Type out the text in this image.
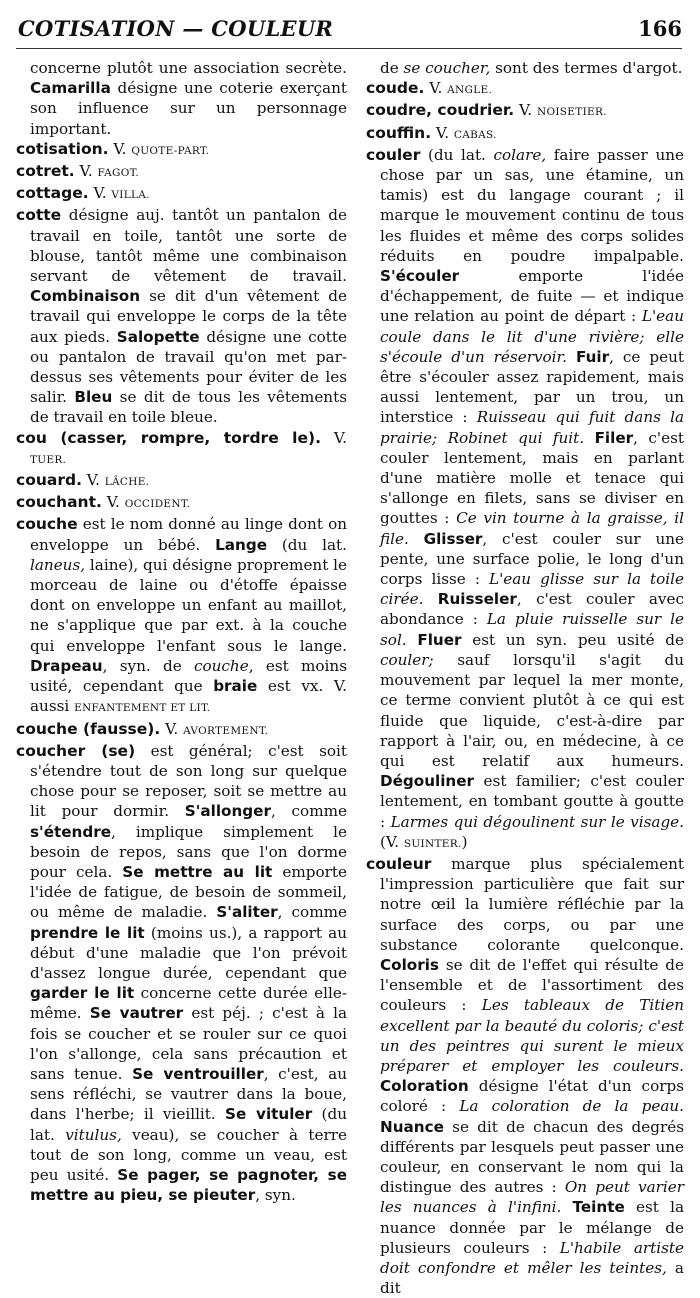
COTISATION — COULEUR	166

concerne plutôt une association secrète. Camarilla désigne une coterie exerçant son influence sur un personnage important.

cotisation. V. QUOTE-PART.

cotret. V. FAGOT.

cottage. V. VILLA.

cotte désigne auj. tantôt un pantalon de travail en toile, tantôt une sorte de blouse, tantôt même une combinaison servant de vêtement de travail. Combinaison se dit d'un vêtement de travail qui enveloppe le corps de la tête aux pieds. Salopette désigne une cotte ou pantalon de travail qu'on met par-dessus ses vêtements pour éviter de les salir. Bleu se dit de tous les vêtements de travail en toile bleue.

cou (casser, rompre, tordre le). V. TUER.

couard. V. LÂCHE.

couchant. V. OCCIDENT.

couche est le nom donné au linge dont on enveloppe un bébé. Lange (du lat. laneus, laine), qui désigne proprement le morceau de laine ou d'étoffe épaisse dont on enveloppe un enfant au maillot, ne s'applique que par ext. à la couche qui enveloppe l'enfant sous le lange. Drapeau, syn. de couche, est moins usité, cependant que braie est vx. V. aussi ENFANTEMENT ET LIT.

couche (fausse). V. AVORTEMENT.

coucher (se) est général; c'est soit s'étendre tout de son long sur quelque chose pour se reposer, soit se mettre au lit pour dormir. S'allonger, comme s'étendre, implique simplement le besoin de repos, sans que l'on dorme pour cela. Se mettre au lit emporte l'idée de fatigue, de besoin de sommeil, ou même de maladie. S'aliter, comme prendre le lit (moins us.), a rapport au début d'une maladie que l'on prévoit d'assez longue durée, cependant que garder le lit concerne cette durée elle-même. Se vautrer est péj. ; c'est à la fois se coucher et se rouler sur ce quoi l'on s'allonge, cela sans précaution et sans tenue. Se ventrouiller, c'est, au sens réfléchi, se vautrer dans la boue, dans l'herbe; il vieillit. Se vituler (du lat. vitulus, veau), se coucher à terre tout de son long, comme un veau, est peu usité. Se pager, se pagnoter, se mettre au pieu, se pieuter, syn.

de se coucher, sont des termes d'argot.

coude. V. ANGLE.

coudre, coudrier. V. NOISETIER.

couffin. V. CABAS.

couler (du lat. colare, faire passer une chose par un sas, une étamine, un tamis) est du langage courant ; il marque le mouvement continu de tous les fluides et même des corps solides réduits en poudre impalpable. S'écouler emporte l'idée d'échappement, de fuite — et indique une relation au point de départ : L'eau coule dans le lit d'une rivière; elle s'écoule d'un réservoir. Fuir, ce peut être s'écouler assez rapidement, mais aussi lentement, par un trou, un interstice : Ruisseau qui fuit dans la prairie; Robinet qui fuit. Filer, c'est couler lentement, mais en parlant d'une matière molle et tenace qui s'allonge en filets, sans se diviser en gouttes : Ce vin tourne à la graisse, il file. Glisser, c'est couler sur une pente, une surface polie, le long d'un corps lisse : L'eau glisse sur la toile cirée. Ruisseler, c'est couler avec abondance : La pluie ruisselle sur le sol. Fluer est un syn. peu usité de couler; sauf lorsqu'il s'agit du mouvement par lequel la mer monte, ce terme convient plutôt à ce qui est fluide que liquide, c'est-à-dire par rapport à l'air, ou, en médecine, à ce qui est relatif aux humeurs. Dégouliner est familier; c'est couler lentement, en tombant goutte à goutte : Larmes qui dégoulinent sur le visage. (V. SUINTER.)

couleur marque plus spécialement l'impression particulière que fait sur notre œil la lumière réfléchie par la surface des corps, ou par une substance colorante quelconque. Coloris se dit de l'effet qui résulte de l'ensemble et de l'assortiment des couleurs : Les tableaux de Titien excellent par la beauté du coloris; c'est un des peintres qui surent le mieux préparer et employer les couleurs. Coloration désigne l'état d'un corps coloré : La coloration de la peau. Nuance se dit de chacun des degrés différents par lesquels peut passer une couleur, en conservant le nom qui la distingue des autres : On peut varier les nuances à l'infini. Teinte est la nuance donnée par le mélange de plusieurs couleurs : L'habile artiste doit confondre et mêler les teintes, a dit
